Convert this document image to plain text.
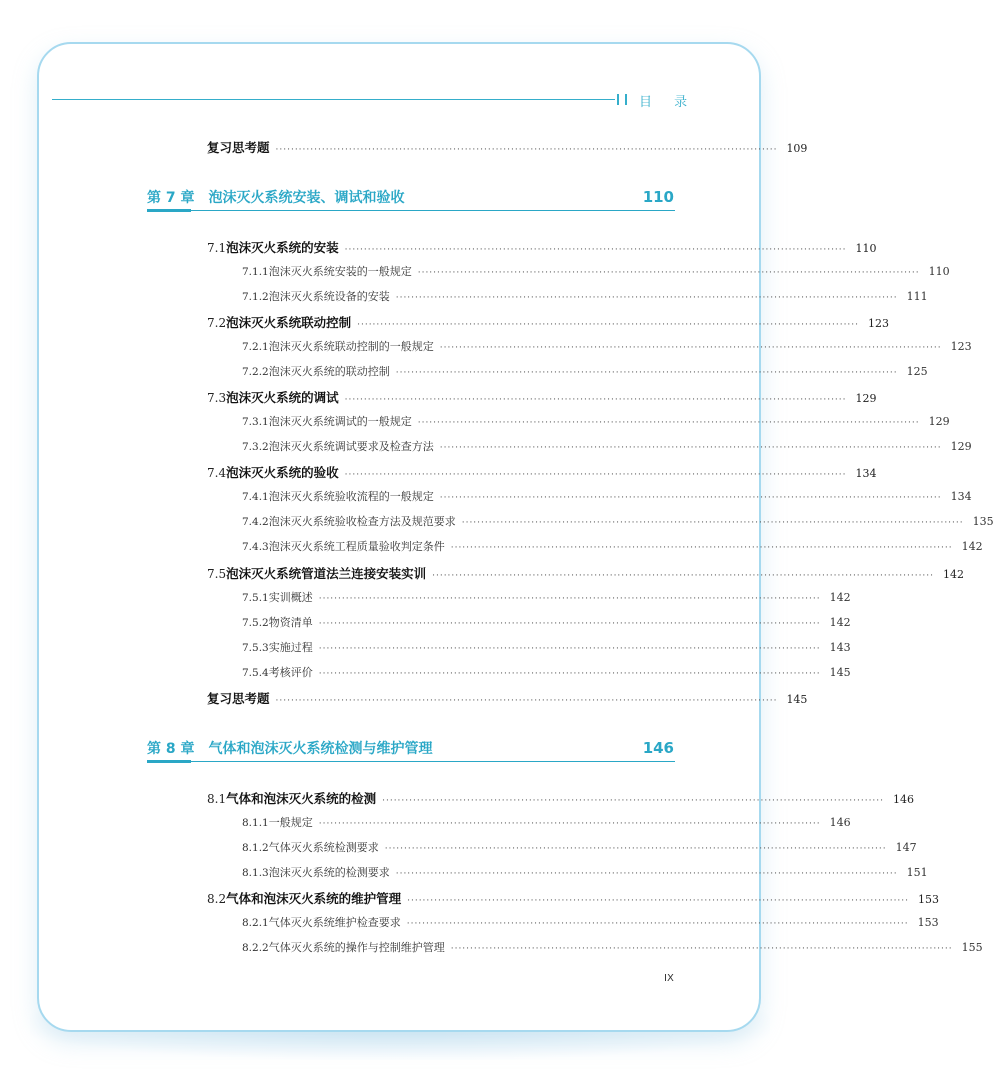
目 录
复习思考题 ·································································································································· 109
第 7 章 泡沫灭火系统安装、调试和验收	110
7.1 泡沫灭火系统的安装 ·································································································································· 110
7.1.1 泡沫灭火系统安装的一般规定 ·································································································································· 110
7.1.2 泡沫灭火系统设备的安装 ·································································································································· 111
7.2 泡沫灭火系统联动控制 ·································································································································· 123
7.2.1 泡沫灭火系统联动控制的一般规定 ·································································································································· 123
7.2.2 泡沫灭火系统的联动控制 ·································································································································· 125
7.3 泡沫灭火系统的调试 ·································································································································· 129
7.3.1 泡沫灭火系统调试的一般规定 ·································································································································· 129
7.3.2 泡沫灭火系统调试要求及检查方法 ·································································································································· 129
7.4 泡沫灭火系统的验收 ·································································································································· 134
7.4.1 泡沫灭火系统验收流程的一般规定 ·································································································································· 134
7.4.2 泡沫灭火系统验收检查方法及规范要求 ·································································································································· 135
7.4.3 泡沫灭火系统工程质量验收判定条件 ·································································································································· 142
7.5 泡沫灭火系统管道法兰连接安装实训 ·································································································································· 142
7.5.1 实训概述 ·································································································································· 142
7.5.2 物资清单 ·································································································································· 142
7.5.3 实施过程 ·································································································································· 143
7.5.4 考核评价 ·································································································································· 145
复习思考题 ·································································································································· 145
第 8 章 气体和泡沫灭火系统检测与维护管理	146
8.1 气体和泡沫灭火系统的检测 ·································································································································· 146
8.1.1 一般规定 ·································································································································· 146
8.1.2 气体灭火系统检测要求 ·································································································································· 147
8.1.3 泡沫灭火系统的检测要求 ·································································································································· 151
8.2 气体和泡沫灭火系统的维护管理 ·································································································································· 153
8.2.1 气体灭火系统维护检查要求 ·································································································································· 153
8.2.2 气体灭火系统的操作与控制维护管理 ·································································································································· 155
IX
